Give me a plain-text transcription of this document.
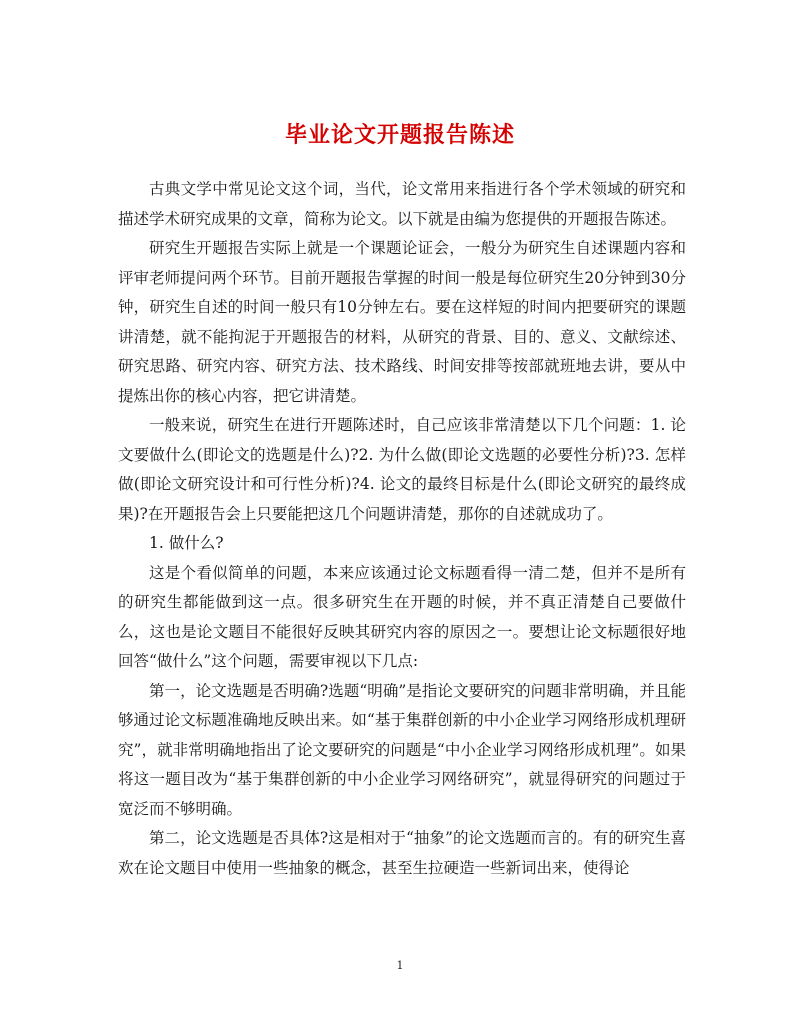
毕业论文开题报告陈述

古典文学中常见论文这个词，当代，论文常用来指进行各个学术领域的研究和描述学术研究成果的文章，简称为论文。以下就是由编为您提供的开题报告陈述。

研究生开题报告实际上就是一个课题论证会，一般分为研究生自述课题内容和评审老师提问两个环节。目前开题报告掌握的时间一般是每位研究生20分钟到30分钟，研究生自述的时间一般只有10分钟左右。要在这样短的时间内把要研究的课题讲清楚，就不能拘泥于开题报告的材料，从研究的背景、目的、意义、文献综述、研究思路、研究内容、研究方法、技术路线、时间安排等按部就班地去讲，要从中提炼出你的核心内容，把它讲清楚。

一般来说，研究生在进行开题陈述时，自己应该非常清楚以下几个问题：1. 论文要做什么(即论文的选题是什么)?2. 为什么做(即论文选题的必要性分析)?3. 怎样做(即论文研究设计和可行性分析)?4. 论文的最终目标是什么(即论文研究的最终成果)?在开题报告会上只要能把这几个问题讲清楚，那你的自述就成功了。

1. 做什么?

这是个看似简单的问题，本来应该通过论文标题看得一清二楚，但并不是所有的研究生都能做到这一点。很多研究生在开题的时候，并不真正清楚自己要做什么，这也是论文题目不能很好反映其研究内容的原因之一。要想让论文标题很好地回答“做什么”这个问题，需要审视以下几点:

第一，论文选题是否明确?选题“明确”是指论文要研究的问题非常明确，并且能够通过论文标题准确地反映出来。如“基于集群创新的中小企业学习网络形成机理研究”，就非常明确地指出了论文要研究的问题是“中小企业学习网络形成机理”。如果将这一题目改为“基于集群创新的中小企业学习网络研究”，就显得研究的问题过于宽泛而不够明确。

第二，论文选题是否具体?这是相对于“抽象”的论文选题而言的。有的研究生喜欢在论文题目中使用一些抽象的概念，甚至生拉硬造一些新词出来，使得论

1
